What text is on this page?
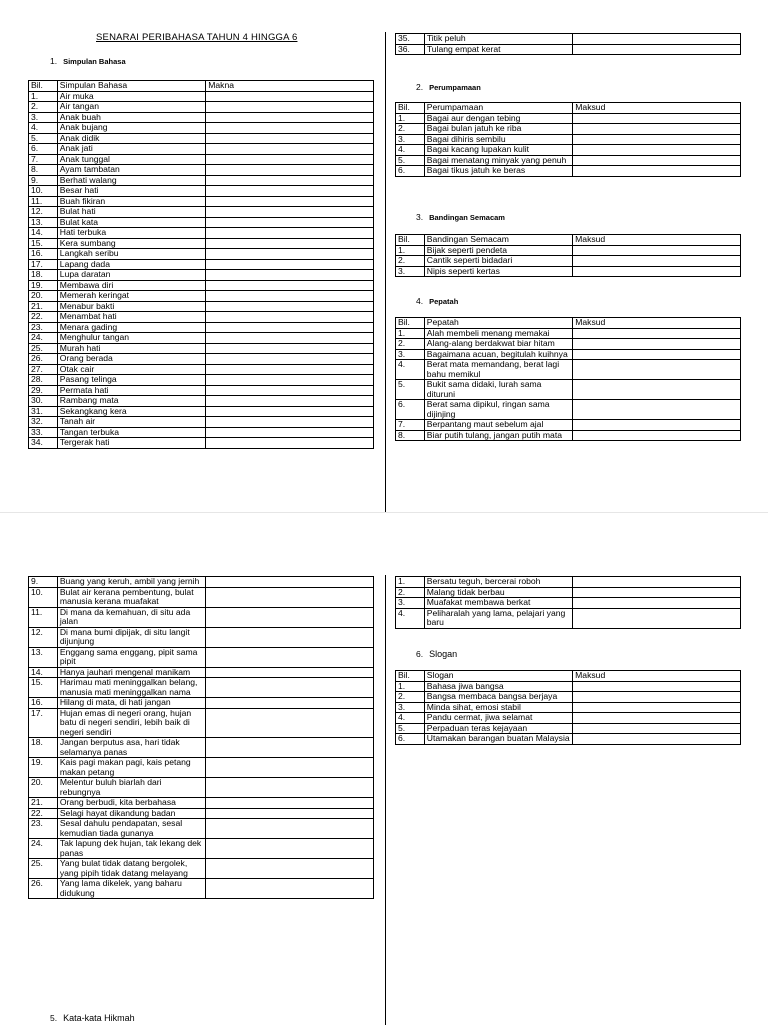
SENARAI PERIBAHASA TAHUN 4 HINGGA 6
1. Simpulan Bahasa
Bil.	Simpulan Bahasa	Makna
1.	Air muka	
2.	Air tangan	
3.	Anak buah	
4.	Anak bujang	
5.	Anak didik	
6.	Anak jati	
7.	Anak tunggal	
8.	Ayam tambatan	
9.	Berhati walang	
10.	Besar hati	
11.	Buah fikiran	
12.	Bulat hati	
13.	Bulat kata	
14.	Hati terbuka	
15.	Kera sumbang	
16.	Langkah seribu	
17.	Lapang dada	
18.	Lupa daratan	
19.	Membawa diri	
20.	Memerah keringat	
21.	Menabur bakti	
22.	Menambat hati	
23.	Menara gading	
24.	Menghulur tangan	
25.	Murah hati	
26.	Orang berada	
27.	Otak cair	
28.	Pasang telinga	
29.	Permata hati	
30.	Rambang mata	
31.	Sekangkang kera	
32.	Tanah air	
33.	Tangan terbuka	
34.	Tergerak hati	
35.	Titik peluh	
36.	Tulang empat kerat	
2. Perumpamaan
Bil.	Perumpamaan	Maksud
1.	Bagai aur dengan tebing	
2.	Bagai bulan jatuh ke riba	
3.	Bagai dihiris sembilu	
4.	Bagai kacang lupakan kulit	
5.	Bagai menatang minyak yang penuh	
6.	Bagai tikus jatuh ke beras	
3. Bandingan Semacam
Bil.	Bandingan Semacam	Maksud
1.	Bijak seperti pendeta	
2.	Cantik seperti bidadari	
3.	Nipis seperti kertas	
4. Pepatah
Bil.	Pepatah	Maksud
1.	Alah membeli menang memakai	
2.	Alang-alang berdakwat biar hitam	
3.	Bagaimana acuan, begitulah kuihnya	
4.	Berat mata memandang, berat lagi bahu memikul	
5.	Bukit sama didaki, lurah sama dituruni	
6.	Berat sama dipikul, ringan sama dijinjing	
7.	Berpantang maut sebelum ajal	
8.	Biar putih tulang, jangan putih mata	
9.	Buang yang keruh, ambil yang jernih	
10.	Bulat air kerana pembentung, bulat manusia kerana muafakat	
11.	Di mana da kemahuan, di situ ada jalan	
12.	Di mana bumi dipijak, di situ langit dijunjung	
13.	Enggang sama enggang, pipit sama pipit	
14.	Hanya jauhari mengenal manikam	
15.	Harimau mati meninggalkan belang, manusia mati meninggalkan nama	
16.	Hilang di mata, di hati jangan	
17.	Hujan emas di negeri orang, hujan batu di negeri sendiri, lebih baik di negeri sendiri	
18.	Jangan berputus asa, hari tidak selamanya panas	
19.	Kais pagi makan pagi, kais petang makan petang	
20.	Melentur buluh biarlah dari rebungnya	
21.	Orang berbudi, kita berbahasa	
22.	Selagi hayat dikandung badan	
23.	Sesal dahulu pendapatan, sesal kemudian tiada gunanya	
24.	Tak lapung dek hujan, tak lekang dek panas	
25.	Yang bulat tidak datang bergolek, yang pipih tidak datang melayang	
26.	Yang lama dikelek, yang baharu didukung	
5. Kata-kata Hikmah
1.	Bersatu teguh, bercerai roboh	
2.	Malang tidak berbau	
3.	Muafakat membawa berkat	
4.	Peliharalah yang lama, pelajari yang baru	
6. Slogan
Bil.	Slogan	Maksud
1.	Bahasa jiwa bangsa	
2.	Bangsa membaca bangsa berjaya	
3.	Minda sihat, emosi stabil	
4.	Pandu cermat, jiwa selamat	
5.	Perpaduan teras kejayaan	
6.	Utamakan barangan buatan Malaysia	
